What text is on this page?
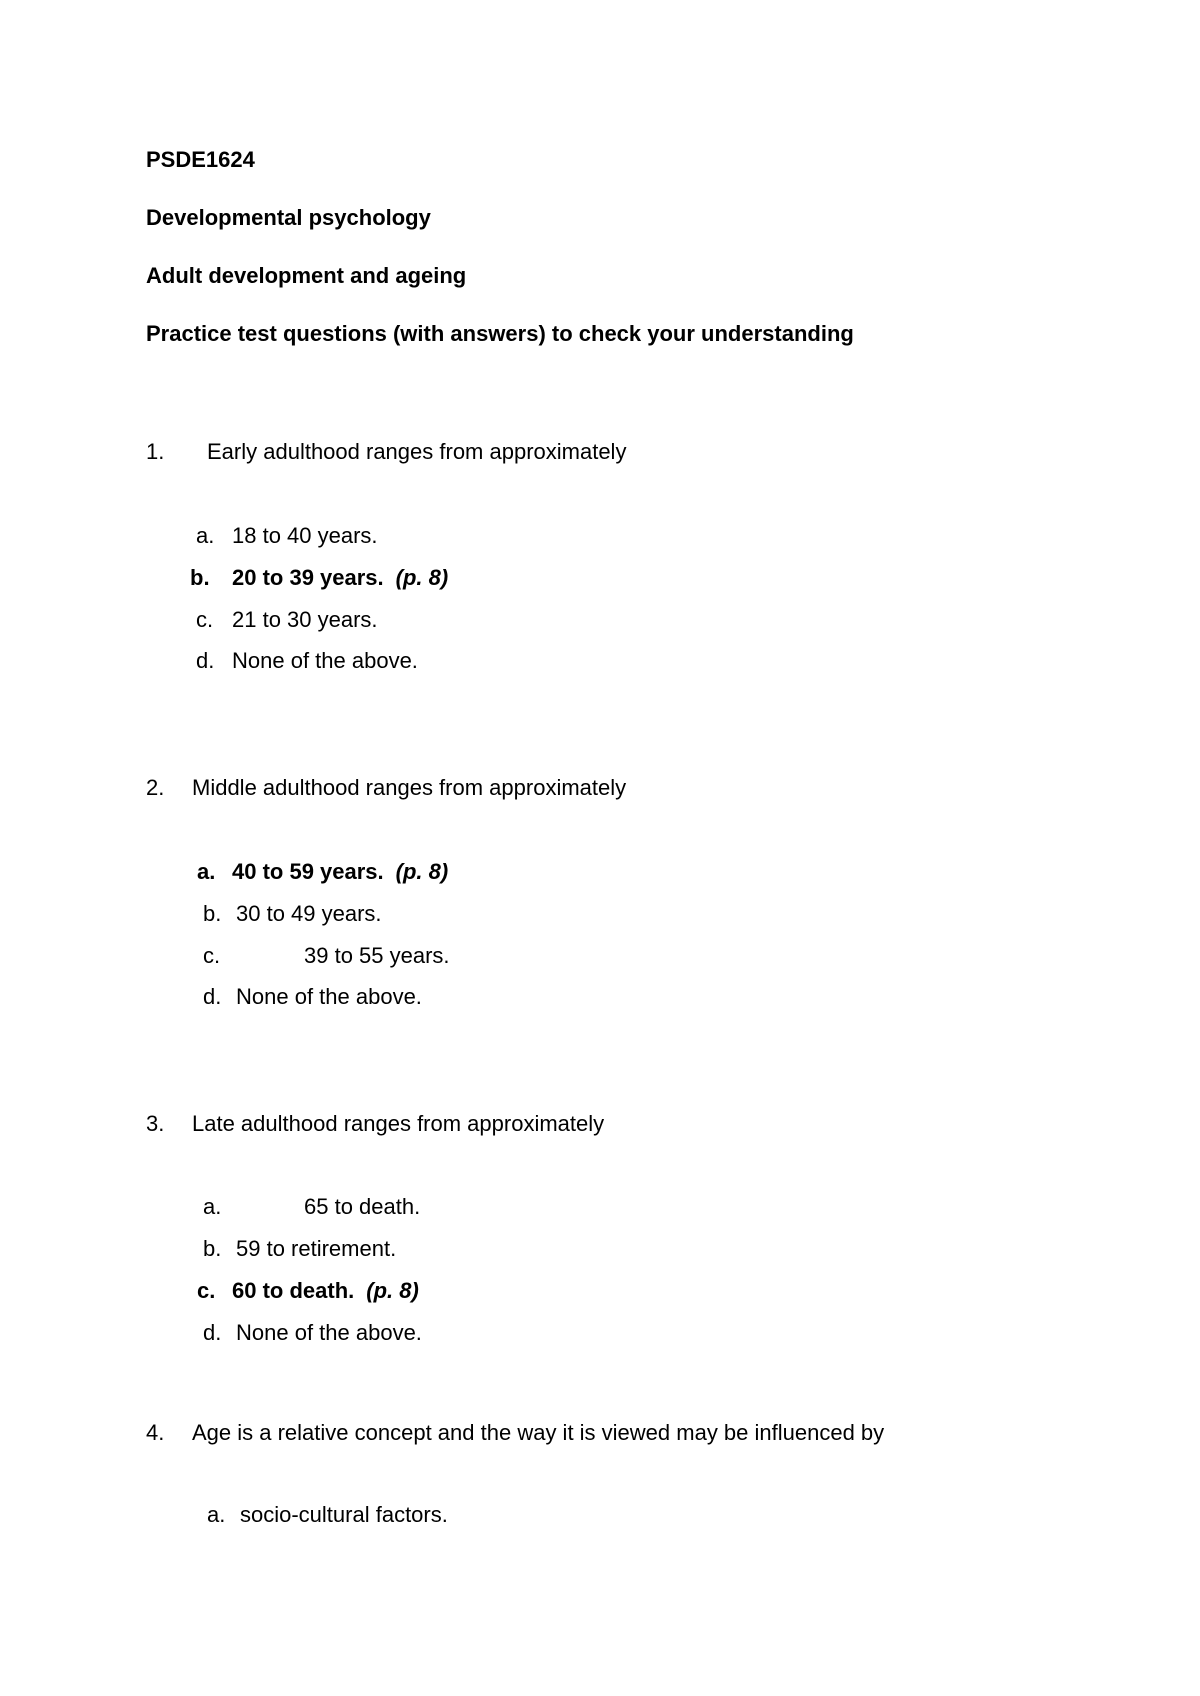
PSDE1624
Developmental psychology
Adult development and ageing
Practice test questions (with answers) to check your understanding
1. Early adulthood ranges from approximately
a. 18 to 40 years.
b. 20 to 39 years. (p. 8)
c. 21 to 30 years.
d. None of the above.
2. Middle adulthood ranges from approximately
a. 40 to 59 years. (p. 8)
b. 30 to 49 years.
c.	39 to 55 years.
d. None of the above.
3. Late adulthood ranges from approximately
a.	65 to death.
b. 59 to retirement.
c. 60 to death. (p. 8)
d. None of the above.
4. Age is a relative concept and the way it is viewed may be influenced by
a. socio-cultural factors.
